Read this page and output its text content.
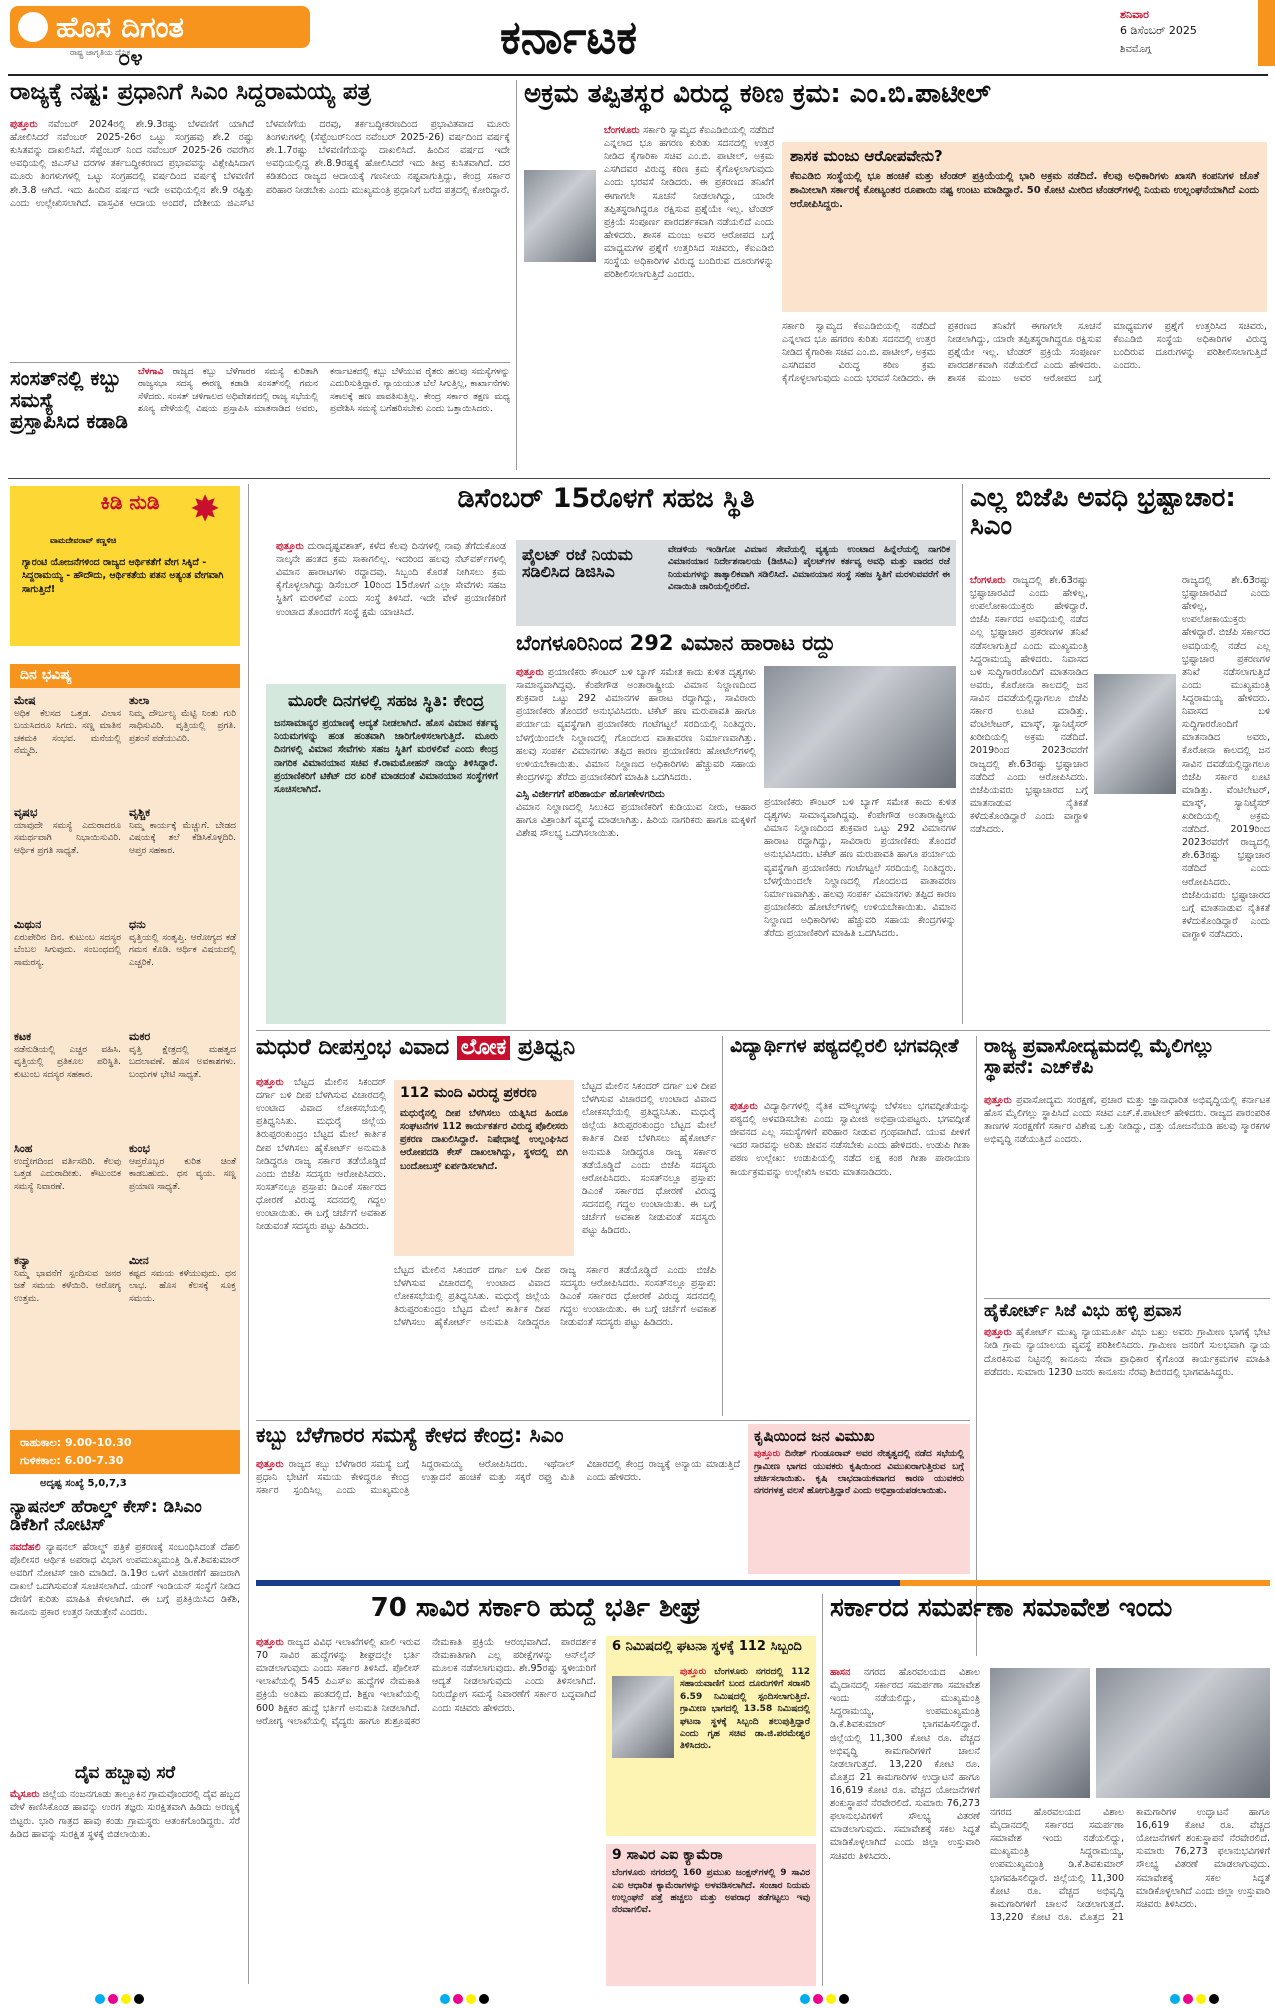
ಹೊಸ ದಿಗಂತ
ರಾಷ್ಟ್ರ ಜಾಗೃತಿಯ ದೈನಿಕ
೦೪	ಕರ್ನಾಟಕ	ಶನಿವಾರ
6 ಡಿಸೆಂಬರ್ 2025
ಶಿವಮೊಗ್ಗ
ರಾಜ್ಯಕ್ಕೆ ನಷ್ಟ: ಪ್ರಧಾನಿಗೆ ಸಿಎಂ ಸಿದ್ದರಾಮಯ್ಯ ಪತ್ರ
ಪುತ್ತೂರು ನವೆಂಬರ್ 2024ರಲ್ಲಿ ಶೇ.9.3ರಷ್ಟು ಬೆಳವಣಿಗೆ ಯಾಗಿದೆ ಹೋಲಿಸಿದರೆ ನವೆಂಬರ್ 2025-26ರ ಒಟ್ಟು ಸಂಗ್ರಹವು ಶೇ.2 ರಷ್ಟು ಕುಸಿತವನ್ನು ದಾಖಲಿಸಿದೆ. ಸೆಪ್ಟೆಂಬರ್ ನಿಂದ ನವೆಂಬರ್ 2025-26 ರವರೆಗಿನ ಅವಧಿಯಲ್ಲಿ ಜಿಎಸ್‌ಟಿ ದರಗಳ ತರ್ಕಬದ್ಧೀಕರಣದ ಪ್ರಭಾವವನ್ನು ವಿಶ್ಲೇಷಿಸಿದಾಗ ಮೂರು ತಿಂಗಳುಗಳಲ್ಲಿ ಒಟ್ಟು ಸಂಗ್ರಹದಲ್ಲಿ ವರ್ಷದಿಂದ ವರ್ಷಕ್ಕೆ ಬೆಳವಣಿಗೆ ಶೇ.3.8 ಆಗಿದೆ. ಇದು ಹಿಂದಿನ ವರ್ಷದ ಇದೇ ಅವಧಿಯಲ್ಲಿನ ಶೇ.9 ರಷ್ಟಿತ್ತು ಎಂದು ಉಲ್ಲೇಖಿಸಲಾಗಿದೆ. ವಾಸ್ತವಿಕ ಆದಾಯ ಅಂದರೆ, ದೇಶೀಯ ಜಿಎಸ್‌ಟಿ ಬೆಳವಣಿಗೆಯ ದರವು, ತರ್ಕಬದ್ಧೀಕರಣದಿಂದ ಪ್ರಭಾವಿತವಾದ ಮೂರು ತಿಂಗಳುಗಳಲ್ಲಿ (ಸೆಪ್ಟೆಂಬರ್‌ನಿಂದ ನವೆಂಬರ್ 2025-26) ವರ್ಷದಿಂದ ವರ್ಷಕ್ಕೆ ಶೇ.1.7ರಷ್ಟು ಬೆಳವಣಿಗೆಯನ್ನು ದಾಖಲಿಸಿದೆ. ಹಿಂದಿನ ವರ್ಷದ ಇದೇ ಅವಧಿಯಲ್ಲಿದ್ದ ಶೇ.8.9ರಷ್ಟಕ್ಕೆ ಹೋಲಿಸಿದರೆ ಇದು ತೀವ್ರ ಕುಸಿತವಾಗಿದೆ. ದರ ಕಡಿತದಿಂದ ರಾಜ್ಯದ ಆದಾಯಕ್ಕೆ ಗಣನೀಯ ನಷ್ಟವಾಗುತ್ತಿದ್ದು, ಕೇಂದ್ರ ಸರ್ಕಾರ ಪರಿಹಾರ ನೀಡಬೇಕು ಎಂದು ಮುಖ್ಯಮಂತ್ರಿ ಪ್ರಧಾನಿಗೆ ಬರೆದ ಪತ್ರದಲ್ಲಿ ಕೋರಿದ್ದಾರೆ.
ಅಕ್ರಮ ತಪ್ಪಿತಸ್ಥರ ವಿರುದ್ಧ ಕಠಿಣ ಕ್ರಮ: ಎಂ.ಬಿ.ಪಾಟೀಲ್
ಬೆಂಗಳೂರು ಸರ್ಕಾರಿ ಸ್ವಾಮ್ಯದ ಕೆಐಎಡಿಬಿಯಲ್ಲಿ ನಡೆದಿದೆ ಎನ್ನಲಾದ ಭೂ ಹಗರಣ ಕುರಿತು ಸದನದಲ್ಲಿ ಉತ್ತರ ನೀಡಿದ ಕೈಗಾರಿಕಾ ಸಚಿವ ಎಂ.ಬಿ. ಪಾಟೀಲ್, ಅಕ್ರಮ ಎಸಗಿದವರ ವಿರುದ್ಧ ಕಠಿಣ ಕ್ರಮ ಕೈಗೊಳ್ಳಲಾಗುವುದು ಎಂದು ಭರವಸೆ ನೀಡಿದರು. ಈ ಪ್ರಕರಣದ ತನಿಖೆಗೆ ಈಗಾಗಲೇ ಸೂಚನೆ ನೀಡಲಾಗಿದ್ದು, ಯಾರೇ ತಪ್ಪಿತಸ್ಥರಾಗಿದ್ದರೂ ರಕ್ಷಿಸುವ ಪ್ರಶ್ನೆಯೇ ಇಲ್ಲ. ಟೆಂಡರ್ ಪ್ರಕ್ರಿಯೆ ಸಂಪೂರ್ಣ ಪಾರದರ್ಶಕವಾಗಿ ನಡೆಯಲಿದೆ ಎಂದು ಹೇಳಿದರು. ಶಾಸಕ ಮಂಜು ಅವರ ಆರೋಪದ ಬಗ್ಗೆ ಮಾಧ್ಯಮಗಳ ಪ್ರಶ್ನೆಗೆ ಉತ್ತರಿಸಿದ ಸಚಿವರು, ಕೆಐಎಡಿಬಿ ಸಂಸ್ಥೆಯ ಅಧಿಕಾರಿಗಳ ವಿರುದ್ಧ ಬಂದಿರುವ ದೂರುಗಳನ್ನು ಪರಿಶೀಲಿಸಲಾಗುತ್ತಿದೆ ಎಂದರು.
ಶಾಸಕ ಮಂಜು ಆರೋಪವೇನು?
ಕೆಐಎಡಿಬಿ ಸಂಸ್ಥೆಯಲ್ಲಿ ಭೂ ಹಂಚಿಕೆ ಮತ್ತು ಟೆಂಡರ್ ಪ್ರಕ್ರಿಯೆಯಲ್ಲಿ ಭಾರಿ ಅಕ್ರಮ ನಡೆದಿದೆ. ಕೆಲವು ಅಧಿಕಾರಿಗಳು ಖಾಸಗಿ ಕಂಪನಿಗಳ ಜೊತೆ ಶಾಮೀಲಾಗಿ ಸರ್ಕಾರಕ್ಕೆ ಕೋಟ್ಯಂತರ ರೂಪಾಯಿ ನಷ್ಟ ಉಂಟು ಮಾಡಿದ್ದಾರೆ. 50 ಕೋಟಿ ಮೀರಿದ ಟೆಂಡರ್‌ಗಳಲ್ಲಿ ನಿಯಮ ಉಲ್ಲಂಘನೆಯಾಗಿದೆ ಎಂದು ಆರೋಪಿಸಿದ್ದರು.
ಸರ್ಕಾರಿ ಸ್ವಾಮ್ಯದ ಕೆಐಎಡಿಬಿಯಲ್ಲಿ ನಡೆದಿದೆ ಎನ್ನಲಾದ ಭೂ ಹಗರಣ ಕುರಿತು ಸದನದಲ್ಲಿ ಉತ್ತರ ನೀಡಿದ ಕೈಗಾರಿಕಾ ಸಚಿವ ಎಂ.ಬಿ. ಪಾಟೀಲ್, ಅಕ್ರಮ ಎಸಗಿದವರ ವಿರುದ್ಧ ಕಠಿಣ ಕ್ರಮ ಕೈಗೊಳ್ಳಲಾಗುವುದು ಎಂದು ಭರವಸೆ ನೀಡಿದರು. ಈ ಪ್ರಕರಣದ ತನಿಖೆಗೆ ಈಗಾಗಲೇ ಸೂಚನೆ ನೀಡಲಾಗಿದ್ದು, ಯಾರೇ ತಪ್ಪಿತಸ್ಥರಾಗಿದ್ದರೂ ರಕ್ಷಿಸುವ ಪ್ರಶ್ನೆಯೇ ಇಲ್ಲ. ಟೆಂಡರ್ ಪ್ರಕ್ರಿಯೆ ಸಂಪೂರ್ಣ ಪಾರದರ್ಶಕವಾಗಿ ನಡೆಯಲಿದೆ ಎಂದು ಹೇಳಿದರು. ಶಾಸಕ ಮಂಜು ಅವರ ಆರೋಪದ ಬಗ್ಗೆ ಮಾಧ್ಯಮಗಳ ಪ್ರಶ್ನೆಗೆ ಉತ್ತರಿಸಿದ ಸಚಿವರು, ಕೆಐಎಡಿಬಿ ಸಂಸ್ಥೆಯ ಅಧಿಕಾರಿಗಳ ವಿರುದ್ಧ ಬಂದಿರುವ ದೂರುಗಳನ್ನು ಪರಿಶೀಲಿಸಲಾಗುತ್ತಿದೆ ಎಂದರು.
ಸಂಸತ್‌ನಲ್ಲಿ ಕಬ್ಬು ಸಮಸ್ಯೆ ಪ್ರಸ್ತಾಪಿಸಿದ ಕಡಾಡಿ
ಬೆಳಗಾವಿ ರಾಜ್ಯದ ಕಬ್ಬು ಬೆಳೆಗಾರರ ಸಮಸ್ಯೆ ಕುರಿತಾಗಿ ರಾಜ್ಯಸಭಾ ಸದಸ್ಯ ಈರಣ್ಣ ಕಡಾಡಿ ಸಂಸತ್‌ನಲ್ಲಿ ಗಮನ ಸೆಳೆದರು. ಸಂಸತ್ ಚಳಿಗಾಲದ ಅಧಿವೇಶನದಲ್ಲಿ ರಾಜ್ಯ ಸಭೆಯಲ್ಲಿ ಶೂನ್ಯ ವೇಳೆಯಲ್ಲಿ ವಿಷಯ ಪ್ರಸ್ತಾಪಿಸಿ ಮಾತನಾಡಿದ ಅವರು, ಕರ್ನಾಟಕದಲ್ಲಿ ಕಬ್ಬು ಬೆಳೆಯುವ ರೈತರು ಹಲವು ಸಮಸ್ಯೆಗಳನ್ನು ಎದುರಿಸುತ್ತಿದ್ದಾರೆ. ನ್ಯಾಯಯುತ ಬೆಲೆ ಸಿಗುತ್ತಿಲ್ಲ, ಕಾರ್ಖಾನೆಗಳು ಸಕಾಲಕ್ಕೆ ಹಣ ಪಾವತಿಸುತ್ತಿಲ್ಲ. ಕೇಂದ್ರ ಸರ್ಕಾರ ತಕ್ಷಣ ಮಧ್ಯ ಪ್ರವೇಶಿಸಿ ಸಮಸ್ಯೆ ಬಗೆಹರಿಸಬೇಕು ಎಂದು ಒತ್ತಾಯಿಸಿದರು.
ಕಿಡಿ ನುಡಿ ✸
ವಾಮದೇವರಾವ್ ಕಣ್ಣಳಿಚಿ
ಗ್ಯಾರಂಟಿ ಯೋಜನೆಗಳಿಂದ ರಾಜ್ಯದ ಆರ್ಥಿಕತೆಗೆ ವೇಗ ಸಿಕ್ಕಿದೆ - ಸಿದ್ದರಾಮಯ್ಯ - ಹೌದೌದು, ಆರ್ಥಿಕತೆಯ ಪತನ ಅತ್ಯಂತ ವೇಗವಾಗಿ ಸಾಗುತ್ತಿದೆ!
ದಿನ ಭವಿಷ್ಯ
ಮೇಷ
ಅಧಿಕ ಕೆಲಸದ ಒತ್ತಡ. ವಿಲಾಸ ಬಯಸಿದರೂ ಸಿಗದು. ಸಣ್ಣ ಮಾತಿನ ಚಕಮಕಿ ಸಂಭವ. ಮನೆಯಲ್ಲಿ ನೆಮ್ಮದಿ.
ತುಲಾ
ನಿಮ್ಮ ದೌರ್ಬಲ್ಯ ಮೆಟ್ಟಿ ನಿಂತು ಗುರಿ ಸಾಧಿಸುವಿರಿ. ವೃತ್ತಿಯಲ್ಲಿ ಪ್ರಗತಿ. ಪ್ರಶಂಸೆ ಪಡೆಯುವಿರಿ.
ವೃಷಭ
ಯಾವುದೇ ಸಮಸ್ಯೆ ಎದುರಾದರೂ ಸಮರ್ಥವಾಗಿ ನಿಭಾಯಿಸುವಿರಿ. ಆರ್ಥಿಕ ಪ್ರಗತಿ ಸಾಧ್ಯತೆ.
ವೃಶ್ಚಿಕ
ನಿಮ್ಮ ಕಾರ್ಯಕ್ಕೆ ಮೆಚ್ಚುಗೆ. ಬೇಡದ ವಿಷಯಕ್ಕೆ ತಲೆ ಕೆಡಿಸಿಕೊಳ್ಳದಿರಿ. ಆಪ್ತರ ಸಹಕಾರ.
ಮಿಥುನ
ಏರುಪೇರಿನ ದಿನ. ಕುಟುಂಬ ಸದಸ್ಯರ ಬೆಂಬಲ ಸಿಗುವುದು. ಸಂಬಂಧದಲ್ಲಿ ಸಾಮರಸ್ಯ.
ಧನು
ವೃತ್ತಿಯಲ್ಲಿ ಸಂತೃಪ್ತಿ. ಆರೋಗ್ಯದ ಕಡೆ ಗಮನ ಕೊಡಿ. ಆರ್ಥಿಕ ವಿಷಯದಲ್ಲಿ ಎಚ್ಚರಿಕೆ.
ಕಟಕ
ನಡೆನುಡಿಯಲ್ಲಿ ಎಚ್ಚರ ವಹಿಸಿ. ವೃತ್ತಿಯಲ್ಲಿ ಪ್ರತಿಕೂಲ ಪರಿಸ್ಥಿತಿ. ಕುಟುಂಬ ಸದಸ್ಯರ ಸಹಕಾರ.
ಮಕರ
ವೃತ್ತಿ ಕ್ಷೇತ್ರದಲ್ಲಿ ಮಹತ್ವದ ಬದಲಾವಣೆ. ಹೊಸ ಅವಕಾಶಗಳು. ಬಂಧುಗಳ ಭೇಟಿ ಸಾಧ್ಯತೆ.
ಸಿಂಹ
ಉದ್ವೇಗದಿಂದ ವರ್ತಿಸದಿರಿ. ಕೆಲವು ಒತ್ತಡ ಎದುರಾದೀತು. ಕೌಟುಂಬಿಕ ಸಮಸ್ಯೆ ನಿವಾರಣೆ.
ಕುಂಭ
ಆಪ್ತರೊಬ್ಬರ ಕುರಿತ ಚಿಂತೆ ಕಾಡಬಹುದು. ಧನ ವ್ಯಯ. ಸಣ್ಣ ಪ್ರಯಾಣ ಸಾಧ್ಯತೆ.
ಕನ್ಯಾ
ನಿಮ್ಮ ಭಾವನೆಗೆ ಸ್ಪಂದಿಸುವ ಜನರ ಜತೆ ಸಮಯ ಕಳೆಯಿರಿ. ಆರೋಗ್ಯ ಉತ್ತಮ.
ಮೀನ
ಕಷ್ಟದ ಸಮಯ ಕಳೆಯುವುದು. ಧನ ಲಾಭ. ಹೊಸ ಕೆಲಸಕ್ಕೆ ಸೂಕ್ತ ಸಮಯ.
ರಾಹುಕಾಲ: 9.00-10.30
ಗುಳಿಕಕಾಲ: 6.00-7.30
ಅದೃಷ್ಟ ಸಂಖ್ಯೆ 5,0,7,3
ನ್ಯಾಷನಲ್ ಹೆರಾಲ್ಡ್ ಕೇಸ್: ಡಿಸಿಎಂ ಡಿಕೆಶಿಗೆ ನೋಟಿಸ್
ನವದೆಹಲಿ ನ್ಯಾಷನಲ್ ಹೆರಾಲ್ಡ್ ಪತ್ರಿಕೆ ಪ್ರಕರಣಕ್ಕೆ ಸಂಬಂಧಿಸಿದಂತೆ ದೆಹಲಿ ಪೊಲೀಸರ ಆರ್ಥಿಕ ಅಪರಾಧ ವಿಭಾಗ ಉಪಮುಖ್ಯಮಂತ್ರಿ ಡಿ.ಕೆ.ಶಿವಕುಮಾರ್ ಅವರಿಗೆ ನೋಟಿಸ್ ಜಾರಿ ಮಾಡಿದೆ. ಡಿ.19ರ ಒಳಗೆ ವಿಚಾರಣೆಗೆ ಹಾಜರಾಗಿ ದಾಖಲೆ ಒದಗಿಸುವಂತೆ ಸೂಚಿಸಲಾಗಿದೆ. ಯಂಗ್ ಇಂಡಿಯನ್ ಸಂಸ್ಥೆಗೆ ನೀಡಿದ ದೇಣಿಗೆ ಕುರಿತು ಮಾಹಿತಿ ಕೇಳಲಾಗಿದೆ. ಈ ಬಗ್ಗೆ ಪ್ರತಿಕ್ರಿಯಿಸಿದ ಡಿಕೆಶಿ, ಕಾನೂನು ಪ್ರಕಾರ ಉತ್ತರ ನೀಡುತ್ತೇನೆ ಎಂದರು.
ದೈವ ಹಬ್ಬಾವು ಸರೆ
ಮೈಸೂರು ಜಿಲ್ಲೆಯ ನಂಜನಗೂಡು ತಾಲ್ಲೂಕಿನ ಗ್ರಾಮವೊಂದರಲ್ಲಿ ದೈವ ಹಬ್ಬದ ವೇಳೆ ಕಾಣಿಸಿಕೊಂಡ ಹಾವನ್ನು ಉರಗ ತಜ್ಞರು ಸುರಕ್ಷಿತವಾಗಿ ಹಿಡಿದು ಅರಣ್ಯಕ್ಕೆ ಬಿಟ್ಟರು. ಭಾರಿ ಗಾತ್ರದ ಹಾವು ಕಂಡು ಗ್ರಾಮಸ್ಥರು ಆತಂಕಗೊಂಡಿದ್ದರು. ಸೆರೆ ಹಿಡಿದ ಹಾವನ್ನು ಸುರಕ್ಷಿತ ಸ್ಥಳಕ್ಕೆ ಬಿಡಲಾಯಿತು.
ಡಿಸೆಂಬರ್ 15ರೊಳಗೆ ಸಹಜ ಸ್ಥಿತಿ
ಪುತ್ತೂರು ದುರಾದೃಷ್ಟವಶಾತ್, ಕಳೆದ ಕೆಲವು ದಿನಗಳಲ್ಲಿ ನಾವು ತೆಗೆದುಕೊಂಡ ನಾಲ್ಕನೇ ಹಂತದ ಕ್ರಮ ಸಾಕಾಗಲಿಲ್ಲ. ಇದರಿಂದ ಹಲವು ನೆಟ್‌ವರ್ಕ್‌ಗಳಲ್ಲಿ ವಿಮಾನ ಹಾರಾಟಗಳು ರದ್ದಾದವು. ಸಿಬ್ಬಂದಿ ಕೊರತೆ ನೀಗಿಸಲು ಕ್ರಮ ಕೈಗೊಳ್ಳಲಾಗಿದ್ದು ಡಿಸೆಂಬರ್ 10ರಿಂದ 15ರೊಳಗೆ ಎಲ್ಲಾ ಸೇವೆಗಳು ಸಹಜ ಸ್ಥಿತಿಗೆ ಮರಳಲಿವೆ ಎಂದು ಸಂಸ್ಥೆ ತಿಳಿಸಿದೆ. ಇದೇ ವೇಳೆ ಪ್ರಯಾಣಿಕರಿಗೆ ಉಂಟಾದ ತೊಂದರೆಗೆ ಸಂಸ್ಥೆ ಕ್ಷಮೆ ಯಾಚಿಸಿದೆ.
ಪೈಲಟ್ ರಜೆ ನಿಯಮ ಸಡಿಲಿಸಿದ ಡಿಜಿಸಿಎ
ವೇಡಳಿಯ ಇಂಡಿಗೋ ವಿಮಾನ ಸೇವೆಯಲ್ಲಿ ವ್ಯತ್ಯಯ ಉಂಟಾದ ಹಿನ್ನೆಲೆಯಲ್ಲಿ ನಾಗರಿಕ ವಿಮಾನಯಾನ ನಿರ್ದೇಶನಾಲಯ (ಡಿಜಿಸಿಎ) ಪೈಲಟ್‌ಗಳ ಕರ್ತವ್ಯ ಅವಧಿ ಮತ್ತು ವಾರದ ರಜೆ ನಿಯಮಗಳನ್ನು ತಾತ್ಕಾಲಿಕವಾಗಿ ಸಡಿಲಿಸಿದೆ. ವಿಮಾನಯಾನ ಸಂಸ್ಥೆ ಸಹಜ ಸ್ಥಿತಿಗೆ ಮರಳುವವರೆಗೆ ಈ ವಿನಾಯಿತಿ ಜಾರಿಯಲ್ಲಿರಲಿದೆ.
ಬೆಂಗಳೂರಿನಿಂದ 292 ವಿಮಾನ ಹಾರಾಟ ರದ್ದು
ಮೂರೇ ದಿನಗಳಲ್ಲಿ ಸಹಜ ಸ್ಥಿತಿ: ಕೇಂದ್ರ
ಜನಸಾಮಾನ್ಯರ ಪ್ರಯಾಣಕ್ಕೆ ಆದ್ಯತೆ ನೀಡಲಾಗಿದೆ. ಹೊಸ ವಿಮಾನ ಕರ್ತವ್ಯ ನಿಯಮಗಳನ್ನು ಹಂತ ಹಂತವಾಗಿ ಜಾರಿಗೊಳಿಸಲಾಗುತ್ತಿದೆ. ಮೂರು ದಿನಗಳಲ್ಲಿ ವಿಮಾನ ಸೇವೆಗಳು ಸಹಜ ಸ್ಥಿತಿಗೆ ಮರಳಲಿವೆ ಎಂದು ಕೇಂದ್ರ ನಾಗರಿಕ ವಿಮಾನಯಾನ ಸಚಿವ ಕೆ.ರಾಮಮೋಹನ್ ನಾಯ್ಡು ತಿಳಿಸಿದ್ದಾರೆ. ಪ್ರಯಾಣಿಕರಿಗೆ ಟಿಕೆಟ್ ದರ ಏರಿಕೆ ಮಾಡದಂತೆ ವಿಮಾನಯಾನ ಸಂಸ್ಥೆಗಳಿಗೆ ಸೂಚಿಸಲಾಗಿದೆ.
ಪುತ್ತೂರು ಪ್ರಯಾಣಿಕರು ಕೌಂಟರ್ ಬಳಿ ಬ್ಯಾಗ್ ಸಮೇತ ಕಾದು ಕುಳಿತ ದೃಶ್ಯಗಳು ಸಾಮಾನ್ಯವಾಗಿದ್ದವು. ಕೆಂಪೇಗೌಡ ಅಂತಾರಾಷ್ಟ್ರೀಯ ವಿಮಾನ ನಿಲ್ದಾಣದಿಂದ ಶುಕ್ರವಾರ ಒಟ್ಟು 292 ವಿಮಾನಗಳ ಹಾರಾಟ ರದ್ದಾಗಿದ್ದು, ಸಾವಿರಾರು ಪ್ರಯಾಣಿಕರು ತೊಂದರೆ ಅನುಭವಿಸಿದರು. ಟಿಕೆಟ್ ಹಣ ಮರುಪಾವತಿ ಹಾಗೂ ಪರ್ಯಾಯ ವ್ಯವಸ್ಥೆಗಾಗಿ ಪ್ರಯಾಣಿಕರು ಗಂಟೆಗಟ್ಟಲೆ ಸರದಿಯಲ್ಲಿ ನಿಂತಿದ್ದರು. ಬೆಳಗ್ಗೆಯಿಂದಲೇ ನಿಲ್ದಾಣದಲ್ಲಿ ಗೊಂದಲದ ವಾತಾವರಣ ನಿರ್ಮಾಣವಾಗಿತ್ತು. ಹಲವು ಸಂಪರ್ಕ ವಿಮಾನಗಳು ತಪ್ಪಿದ ಕಾರಣ ಪ್ರಯಾಣಿಕರು ಹೋಟೆಲ್‌ಗಳಲ್ಲಿ ಉಳಿಯಬೇಕಾಯಿತು. ವಿಮಾನ ನಿಲ್ದಾಣದ ಅಧಿಕಾರಿಗಳು ಹೆಚ್ಚುವರಿ ಸಹಾಯ ಕೇಂದ್ರಗಳನ್ನು ತೆರೆದು ಪ್ರಯಾಣಿಕರಿಗೆ ಮಾಹಿತಿ ಒದಗಿಸಿದರು.
ಎಸ್ಸಿ ವಿರ್ಜೀಗಗೆ ಪರಿಹಾರ್ಯ ಹೊಗಣೇಳಗರಿದು
ವಿಮಾನ ನಿಲ್ದಾಣದಲ್ಲಿ ಸಿಲುಕಿದ ಪ್ರಯಾಣಿಕರಿಗೆ ಕುಡಿಯುವ ನೀರು, ಆಹಾರ ಹಾಗೂ ವಿಶ್ರಾಂತಿಗೆ ವ್ಯವಸ್ಥೆ ಮಾಡಲಾಗಿತ್ತು. ಹಿರಿಯ ನಾಗರಿಕರು ಹಾಗೂ ಮಕ್ಕಳಿಗೆ ವಿಶೇಷ ಸೌಲಭ್ಯ ಒದಗಿಸಲಾಯಿತು.
ಪ್ರಯಾಣಿಕರು ಕೌಂಟರ್ ಬಳಿ ಬ್ಯಾಗ್ ಸಮೇತ ಕಾದು ಕುಳಿತ ದೃಶ್ಯಗಳು ಸಾಮಾನ್ಯವಾಗಿದ್ದವು. ಕೆಂಪೇಗೌಡ ಅಂತಾರಾಷ್ಟ್ರೀಯ ವಿಮಾನ ನಿಲ್ದಾಣದಿಂದ ಶುಕ್ರವಾರ ಒಟ್ಟು 292 ವಿಮಾನಗಳ ಹಾರಾಟ ರದ್ದಾಗಿದ್ದು, ಸಾವಿರಾರು ಪ್ರಯಾಣಿಕರು ತೊಂದರೆ ಅನುಭವಿಸಿದರು. ಟಿಕೆಟ್ ಹಣ ಮರುಪಾವತಿ ಹಾಗೂ ಪರ್ಯಾಯ ವ್ಯವಸ್ಥೆಗಾಗಿ ಪ್ರಯಾಣಿಕರು ಗಂಟೆಗಟ್ಟಲೆ ಸರದಿಯಲ್ಲಿ ನಿಂತಿದ್ದರು. ಬೆಳಗ್ಗೆಯಿಂದಲೇ ನಿಲ್ದಾಣದಲ್ಲಿ ಗೊಂದಲದ ವಾತಾವರಣ ನಿರ್ಮಾಣವಾಗಿತ್ತು. ಹಲವು ಸಂಪರ್ಕ ವಿಮಾನಗಳು ತಪ್ಪಿದ ಕಾರಣ ಪ್ರಯಾಣಿಕರು ಹೋಟೆಲ್‌ಗಳಲ್ಲಿ ಉಳಿಯಬೇಕಾಯಿತು. ವಿಮಾನ ನಿಲ್ದಾಣದ ಅಧಿಕಾರಿಗಳು ಹೆಚ್ಚುವರಿ ಸಹಾಯ ಕೇಂದ್ರಗಳನ್ನು ತೆರೆದು ಪ್ರಯಾಣಿಕರಿಗೆ ಮಾಹಿತಿ ಒದಗಿಸಿದರು.
ಎಲ್ಲ ಬಿಜೆಪಿ ಅವಧಿ ಭ್ರಷ್ಟಾಚಾರ: ಸಿಎಂ
ಬೆಂಗಳೂರು ರಾಜ್ಯದಲ್ಲಿ ಶೇ.63ರಷ್ಟು ಭ್ರಷ್ಟಾಚಾರವಿದೆ ಎಂದು ಹೇಳಿಲ್ಲ, ಉಪಲೋಕಾಯುಕ್ತರು ಹೇಳಿದ್ದಾರೆ. ಬಿಜೆಪಿ ಸರ್ಕಾರದ ಅವಧಿಯಲ್ಲಿ ನಡೆದ ಎಲ್ಲ ಭ್ರಷ್ಟಾಚಾರ ಪ್ರಕರಣಗಳ ತನಿಖೆ ನಡೆಸಲಾಗುತ್ತಿದೆ ಎಂದು ಮುಖ್ಯಮಂತ್ರಿ ಸಿದ್ದರಾಮಯ್ಯ ಹೇಳಿದರು. ನಿವಾಸದ ಬಳಿ ಸುದ್ದಿಗಾರರೊಂದಿಗೆ ಮಾತನಾಡಿದ ಅವರು, ಕೊರೋನಾ ಕಾಲದಲ್ಲಿ ಜನ ಸಾವಿನ ದವಡೆಯಲ್ಲಿದ್ದಾಗಲೂ ಬಿಜೆಪಿ ಸರ್ಕಾರ ಲೂಟಿ ಮಾಡಿತ್ತು. ವೆಂಟಿಲೇಟರ್, ಮಾಸ್ಕ್, ಸ್ಯಾನಿಟೈಸರ್ ಖರೀದಿಯಲ್ಲಿ ಅಕ್ರಮ ನಡೆದಿದೆ. 2019ರಿಂದ 2023ರವರೆಗೆ ರಾಜ್ಯದಲ್ಲಿ ಶೇ.63ರಷ್ಟು ಭ್ರಷ್ಟಾಚಾರ ನಡೆದಿದೆ ಎಂದು ಆರೋಪಿಸಿದರು. ಬಿಜೆಪಿಯವರು ಭ್ರಷ್ಟಾಚಾರದ ಬಗ್ಗೆ ಮಾತನಾಡುವ ನೈತಿಕತೆ ಕಳೆದುಕೊಂಡಿದ್ದಾರೆ ಎಂದು ವಾಗ್ದಾಳಿ ನಡೆಸಿದರು.
ರಾಜ್ಯದಲ್ಲಿ ಶೇ.63ರಷ್ಟು ಭ್ರಷ್ಟಾಚಾರವಿದೆ ಎಂದು ಹೇಳಿಲ್ಲ, ಉಪಲೋಕಾಯುಕ್ತರು ಹೇಳಿದ್ದಾರೆ. ಬಿಜೆಪಿ ಸರ್ಕಾರದ ಅವಧಿಯಲ್ಲಿ ನಡೆದ ಎಲ್ಲ ಭ್ರಷ್ಟಾಚಾರ ಪ್ರಕರಣಗಳ ತನಿಖೆ ನಡೆಸಲಾಗುತ್ತಿದೆ ಎಂದು ಮುಖ್ಯಮಂತ್ರಿ ಸಿದ್ದರಾಮಯ್ಯ ಹೇಳಿದರು. ನಿವಾಸದ ಬಳಿ ಸುದ್ದಿಗಾರರೊಂದಿಗೆ ಮಾತನಾಡಿದ ಅವರು, ಕೊರೋನಾ ಕಾಲದಲ್ಲಿ ಜನ ಸಾವಿನ ದವಡೆಯಲ್ಲಿದ್ದಾಗಲೂ ಬಿಜೆಪಿ ಸರ್ಕಾರ ಲೂಟಿ ಮಾಡಿತ್ತು. ವೆಂಟಿಲೇಟರ್, ಮಾಸ್ಕ್, ಸ್ಯಾನಿಟೈಸರ್ ಖರೀದಿಯಲ್ಲಿ ಅಕ್ರಮ ನಡೆದಿದೆ. 2019ರಿಂದ 2023ರವರೆಗೆ ರಾಜ್ಯದಲ್ಲಿ ಶೇ.63ರಷ್ಟು ಭ್ರಷ್ಟಾಚಾರ ನಡೆದಿದೆ ಎಂದು ಆರೋಪಿಸಿದರು. ಬಿಜೆಪಿಯವರು ಭ್ರಷ್ಟಾಚಾರದ ಬಗ್ಗೆ ಮಾತನಾಡುವ ನೈತಿಕತೆ ಕಳೆದುಕೊಂಡಿದ್ದಾರೆ ಎಂದು ವಾಗ್ದಾಳಿ ನಡೆಸಿದರು.
ಮಧುರೆ ದೀಪಸ್ತಂಭ ವಿವಾದ ಲೋಕ ಪ್ರತಿಧ್ವನಿ
ಪುತ್ತೂರು ಬೆಟ್ಟದ ಮೇಲಿನ ಸಿಕಂದರ್ ದರ್ಗಾ ಬಳಿ ದೀಪ ಬೆಳಗಿಸುವ ವಿಚಾರದಲ್ಲಿ ಉಂಟಾದ ವಿವಾದ ಲೋಕಸಭೆಯಲ್ಲಿ ಪ್ರತಿಧ್ವನಿಸಿತು. ಮಧುರೈ ಜಿಲ್ಲೆಯ ತಿರುಪ್ಪರಂಕುಂದ್ರಂ ಬೆಟ್ಟದ ಮೇಲೆ ಕಾರ್ತಿಕ ದೀಪ ಬೆಳಗಿಸಲು ಹೈಕೋರ್ಟ್ ಅನುಮತಿ ನೀಡಿದ್ದರೂ ರಾಜ್ಯ ಸರ್ಕಾರ ತಡೆಯೊಡ್ಡಿದೆ ಎಂದು ಬಿಜೆಪಿ ಸದಸ್ಯರು ಆರೋಪಿಸಿದರು. ಸಂಸತ್‌ನಲ್ಲೂ ಪ್ರಸ್ತಾಪ: ಡಿಎಂಕೆ ಸರ್ಕಾರದ ಧೋರಣೆ ವಿರುದ್ಧ ಸದನದಲ್ಲಿ ಗದ್ದಲ ಉಂಟಾಯಿತು. ಈ ಬಗ್ಗೆ ಚರ್ಚೆಗೆ ಅವಕಾಶ ನೀಡುವಂತೆ ಸದಸ್ಯರು ಪಟ್ಟು ಹಿಡಿದರು.
112 ಮಂದಿ ವಿರುದ್ಧ ಪ್ರಕರಣ
ಮಧುರೈನಲ್ಲಿ ದೀಪ ಬೆಳಗಿಸಲು ಯತ್ನಿಸಿದ ಹಿಂದೂ ಸಂಘಟನೆಗಳ 112 ಕಾರ್ಯಕರ್ತರ ವಿರುದ್ಧ ಪೊಲೀಸರು ಪ್ರಕರಣ ದಾಖಲಿಸಿದ್ದಾರೆ. ನಿಷೇಧಾಜ್ಞೆ ಉಲ್ಲಂಘಿಸಿದ ಆರೋಪದಡಿ ಕೇಸ್ ದಾಖಲಾಗಿದ್ದು, ಸ್ಥಳದಲ್ಲಿ ಬಿಗಿ ಬಂದೋಬಸ್ತ್ ಏರ್ಪಡಿಸಲಾಗಿದೆ.
ಬೆಟ್ಟದ ಮೇಲಿನ ಸಿಕಂದರ್ ದರ್ಗಾ ಬಳಿ ದೀಪ ಬೆಳಗಿಸುವ ವಿಚಾರದಲ್ಲಿ ಉಂಟಾದ ವಿವಾದ ಲೋಕಸಭೆಯಲ್ಲಿ ಪ್ರತಿಧ್ವನಿಸಿತು. ಮಧುರೈ ಜಿಲ್ಲೆಯ ತಿರುಪ್ಪರಂಕುಂದ್ರಂ ಬೆಟ್ಟದ ಮೇಲೆ ಕಾರ್ತಿಕ ದೀಪ ಬೆಳಗಿಸಲು ಹೈಕೋರ್ಟ್ ಅನುಮತಿ ನೀಡಿದ್ದರೂ ರಾಜ್ಯ ಸರ್ಕಾರ ತಡೆಯೊಡ್ಡಿದೆ ಎಂದು ಬಿಜೆಪಿ ಸದಸ್ಯರು ಆರೋಪಿಸಿದರು. ಸಂಸತ್‌ನಲ್ಲೂ ಪ್ರಸ್ತಾಪ: ಡಿಎಂಕೆ ಸರ್ಕಾರದ ಧೋರಣೆ ವಿರುದ್ಧ ಸದನದಲ್ಲಿ ಗದ್ದಲ ಉಂಟಾಯಿತು. ಈ ಬಗ್ಗೆ ಚರ್ಚೆಗೆ ಅವಕಾಶ ನೀಡುವಂತೆ ಸದಸ್ಯರು ಪಟ್ಟು ಹಿಡಿದರು.
ಬೆಟ್ಟದ ಮೇಲಿನ ಸಿಕಂದರ್ ದರ್ಗಾ ಬಳಿ ದೀಪ ಬೆಳಗಿಸುವ ವಿಚಾರದಲ್ಲಿ ಉಂಟಾದ ವಿವಾದ ಲೋಕಸಭೆಯಲ್ಲಿ ಪ್ರತಿಧ್ವನಿಸಿತು. ಮಧುರೈ ಜಿಲ್ಲೆಯ ತಿರುಪ್ಪರಂಕುಂದ್ರಂ ಬೆಟ್ಟದ ಮೇಲೆ ಕಾರ್ತಿಕ ದೀಪ ಬೆಳಗಿಸಲು ಹೈಕೋರ್ಟ್ ಅನುಮತಿ ನೀಡಿದ್ದರೂ ರಾಜ್ಯ ಸರ್ಕಾರ ತಡೆಯೊಡ್ಡಿದೆ ಎಂದು ಬಿಜೆಪಿ ಸದಸ್ಯರು ಆರೋಪಿಸಿದರು. ಸಂಸತ್‌ನಲ್ಲೂ ಪ್ರಸ್ತಾಪ: ಡಿಎಂಕೆ ಸರ್ಕಾರದ ಧೋರಣೆ ವಿರುದ್ಧ ಸದನದಲ್ಲಿ ಗದ್ದಲ ಉಂಟಾಯಿತು. ಈ ಬಗ್ಗೆ ಚರ್ಚೆಗೆ ಅವಕಾಶ ನೀಡುವಂತೆ ಸದಸ್ಯರು ಪಟ್ಟು ಹಿಡಿದರು.
ವಿದ್ಯಾರ್ಥಿಗಳ ಪಠ್ಯದಲ್ಲಿರಲಿ ಭಗವದ್ಗೀತೆ
ಪುತ್ತೂರು ವಿದ್ಯಾರ್ಥಿಗಳಲ್ಲಿ ನೈತಿಕ ಮೌಲ್ಯಗಳನ್ನು ಬೆಳೆಸಲು ಭಗವದ್ಗೀತೆಯನ್ನು ಪಠ್ಯದಲ್ಲಿ ಅಳವಡಿಸಬೇಕು ಎಂದು ಸ್ವಾಮೀಜಿ ಅಭಿಪ್ರಾಯಪಟ್ಟರು. ಭಗವದ್ಗೀತೆ ಜೀವನದ ಎಲ್ಲ ಸಮಸ್ಯೆಗಳಿಗೆ ಪರಿಹಾರ ನೀಡುವ ಗ್ರಂಥವಾಗಿದೆ. ಯುವ ಪೀಳಿಗೆ ಇದರ ಸಾರವನ್ನು ಅರಿತು ಜೀವನ ನಡೆಸಬೇಕು ಎಂದು ಹೇಳಿದರು. ಉಡುಪಿ ಗೀತಾ ಪಠಣ ಉಲ್ಲೇಖ: ಉಡುಪಿಯಲ್ಲಿ ನಡೆದ ಲಕ್ಷ ಕಂಠ ಗೀತಾ ಪಾರಾಯಣ ಕಾರ್ಯಕ್ರಮವನ್ನು ಉಲ್ಲೇಖಿಸಿ ಅವರು ಮಾತನಾಡಿದರು.
ರಾಜ್ಯ ಪ್ರವಾಸೋದ್ಯಮದಲ್ಲಿ ಮೈಲಿಗಲ್ಲು ಸ್ಥಾಪನೆ: ಎಚ್‌ಕೆಪಿ
ಪುತ್ತೂರು ಪ್ರವಾಸೋದ್ಯಮ ಸಂರಕ್ಷಣೆ, ಪ್ರಚಾರ ಮತ್ತು ಜ್ಞಾನಾಧಾರಿತ ಅಭಿವೃದ್ಧಿಯಲ್ಲಿ ಕರ್ನಾಟಕ ಹೊಸ ಮೈಲಿಗಲ್ಲು ಸ್ಥಾಪಿಸಿದೆ ಎಂದು ಸಚಿವ ಎಚ್.ಕೆ.ಪಾಟೀಲ್ ಹೇಳಿದರು. ರಾಜ್ಯದ ಪಾರಂಪರಿಕ ತಾಣಗಳ ಸಂರಕ್ಷಣೆಗೆ ಸರ್ಕಾರ ವಿಶೇಷ ಒತ್ತು ನೀಡಿದ್ದು, ದತ್ತು ಯೋಜನೆಯಡಿ ಹಲವು ಸ್ಮಾರಕಗಳ ಅಭಿವೃದ್ಧಿ ನಡೆಯುತ್ತಿದೆ ಎಂದರು.
ಹೈಕೋರ್ಟ್ ಸಿಜೆ ವಿಭು ಹಳ್ಳಿ ಪ್ರವಾಸ
ಪುತ್ತೂರು ಹೈಕೋರ್ಟ್ ಮುಖ್ಯ ನ್ಯಾಯಮೂರ್ತಿ ವಿಭು ಬಖ್ರು ಅವರು ಗ್ರಾಮೀಣ ಭಾಗಕ್ಕೆ ಭೇಟಿ ನೀಡಿ ಗ್ರಾಮ ನ್ಯಾಯಾಲಯ ವ್ಯವಸ್ಥೆ ಪರಿಶೀಲಿಸಿದರು. ಗ್ರಾಮೀಣ ಜನರಿಗೆ ಸುಲಭವಾಗಿ ನ್ಯಾಯ ದೊರಕಿಸುವ ನಿಟ್ಟಿನಲ್ಲಿ ಕಾನೂನು ಸೇವಾ ಪ್ರಾಧಿಕಾರ ಕೈಗೊಂಡ ಕಾರ್ಯಕ್ರಮಗಳ ಮಾಹಿತಿ ಪಡೆದರು. ಸುಮಾರು 1230 ಜನರು ಕಾನೂನು ನೆರವು ಶಿಬಿರದಲ್ಲಿ ಭಾಗವಹಿಸಿದ್ದರು.
ಕಬ್ಬು ಬೆಳೆಗಾರರ ಸಮಸ್ಯೆ ಕೇಳದ ಕೇಂದ್ರ: ಸಿಎಂ
ಪುತ್ತೂರು ರಾಜ್ಯದ ಕಬ್ಬು ಬೆಳೆಗಾರರ ಸಮಸ್ಯೆ ಬಗ್ಗೆ ಪ್ರಧಾನಿ ಭೇಟಿಗೆ ಸಮಯ ಕೇಳಿದ್ದರೂ ಕೇಂದ್ರ ಸರ್ಕಾರ ಸ್ಪಂದಿಸಿಲ್ಲ ಎಂದು ಮುಖ್ಯಮಂತ್ರಿ ಸಿದ್ದರಾಮಯ್ಯ ಆರೋಪಿಸಿದರು. ಇಥೆನಾಲ್ ಉತ್ಪಾದನೆ ಹಂಚಿಕೆ ಮತ್ತು ಸಕ್ಕರೆ ರಫ್ತು ಮಿತಿ ವಿಚಾರದಲ್ಲಿ ಕೇಂದ್ರ ರಾಜ್ಯಕ್ಕೆ ಅನ್ಯಾಯ ಮಾಡುತ್ತಿದೆ ಎಂದು ಹೇಳಿದರು.
ಕೃಷಿಯಿಂದ ಜನ ವಿಮುಖ
ಪುತ್ತೂರು ದಿನೇಶ್ ಗುಂಡೂರಾವ್ ಅವರ ನೇತೃತ್ವದಲ್ಲಿ ನಡೆದ ಸಭೆಯಲ್ಲಿ ಗ್ರಾಮೀಣ ಭಾಗದ ಯುವಕರು ಕೃಷಿಯಿಂದ ವಿಮುಖರಾಗುತ್ತಿರುವ ಬಗ್ಗೆ ಚರ್ಚಿಸಲಾಯಿತು. ಕೃಷಿ ಲಾಭದಾಯಕವಾಗದ ಕಾರಣ ಯುವಕರು ನಗರಗಳತ್ತ ವಲಸೆ ಹೋಗುತ್ತಿದ್ದಾರೆ ಎಂದು ಅಭಿಪ್ರಾಯಪಡಲಾಯಿತು.
70 ಸಾವಿರ ಸರ್ಕಾರಿ ಹುದ್ದೆ ಭರ್ತಿ ಶೀಘ್ರ
ಪುತ್ತೂರು ರಾಜ್ಯದ ವಿವಿಧ ಇಲಾಖೆಗಳಲ್ಲಿ ಖಾಲಿ ಇರುವ 70 ಸಾವಿರ ಹುದ್ದೆಗಳನ್ನು ಶೀಘ್ರದಲ್ಲೇ ಭರ್ತಿ ಮಾಡಲಾಗುವುದು ಎಂದು ಸರ್ಕಾರ ತಿಳಿಸಿದೆ. ಪೊಲೀಸ್ ಇಲಾಖೆಯಲ್ಲಿ 545 ಪಿಎಸ್‌ಐ ಹುದ್ದೆಗಳ ನೇಮಕಾತಿ ಪ್ರಕ್ರಿಯೆ ಅಂತಿಮ ಹಂತದಲ್ಲಿದೆ. ಶಿಕ್ಷಣ ಇಲಾಖೆಯಲ್ಲಿ 600 ಶಿಕ್ಷಕರ ಹುದ್ದೆ ಭರ್ತಿಗೆ ಅನುಮತಿ ನೀಡಲಾಗಿದೆ. ಆರೋಗ್ಯ ಇಲಾಖೆಯಲ್ಲಿ ವೈದ್ಯರು ಹಾಗೂ ಶುಶ್ರೂಷಕರ ನೇಮಕಾತಿ ಪ್ರಕ್ರಿಯೆ ಆರಂಭವಾಗಿದೆ. ಪಾರದರ್ಶಕ ನೇಮಕಾತಿಗಾಗಿ ಎಲ್ಲ ಪರೀಕ್ಷೆಗಳನ್ನು ಆನ್‌ಲೈನ್ ಮೂಲಕ ನಡೆಸಲಾಗುವುದು. ಶೇ.95ರಷ್ಟು ಸ್ಥಳೀಯರಿಗೆ ಆದ್ಯತೆ ನೀಡಲಾಗುವುದು ಎಂದು ತಿಳಿಸಲಾಗಿದೆ. ನಿರುದ್ಯೋಗ ಸಮಸ್ಯೆ ನಿವಾರಣೆಗೆ ಸರ್ಕಾರ ಬದ್ಧವಾಗಿದೆ ಎಂದು ಸಚಿವರು ಹೇಳಿದರು.
6 ನಿಮಿಷದಲ್ಲಿ ಘಟನಾ ಸ್ಥಳಕ್ಕೆ 112 ಸಿಬ್ಬಂದಿ
ಪುತ್ತೂರು ಬೆಂಗಳೂರು ನಗರದಲ್ಲಿ 112 ಸಹಾಯವಾಣಿಗೆ ಬಂದ ದೂರುಗಳಿಗೆ ಸರಾಸರಿ 6.59 ನಿಮಿಷದಲ್ಲಿ ಸ್ಪಂದಿಸಲಾಗುತ್ತಿದೆ. ಗ್ರಾಮೀಣ ಭಾಗದಲ್ಲಿ 13.58 ನಿಮಿಷದಲ್ಲಿ ಘಟನಾ ಸ್ಥಳಕ್ಕೆ ಸಿಬ್ಬಂದಿ ತಲುಪುತ್ತಿದ್ದಾರೆ ಎಂದು ಗೃಹ ಸಚಿವ ಡಾ.ಜಿ.ಪರಮೇಶ್ವರ ತಿಳಿಸಿದರು.
9 ಸಾವಿರ ಎಐ ಕ್ಯಾಮೆರಾ
ಬೆಂಗಳೂರು ನಗರದಲ್ಲಿ 160 ಪ್ರಮುಖ ಜಂಕ್ಷನ್‌ಗಳಲ್ಲಿ 9 ಸಾವಿರ ಎಐ ಆಧಾರಿತ ಕ್ಯಾಮೆರಾಗಳನ್ನು ಅಳವಡಿಸಲಾಗಿದೆ. ಸಂಚಾರ ನಿಯಮ ಉಲ್ಲಂಘನೆ ಪತ್ತೆ ಹಚ್ಚಲು ಮತ್ತು ಅಪರಾಧ ತಡೆಗಟ್ಟಲು ಇವು ನೆರವಾಗಲಿವೆ.
ಸರ್ಕಾರದ ಸಮರ್ಪಣಾ ಸಮಾವೇಶ ಇಂದು
ಹಾಸನ ನಗರದ ಹೊರವಲಯದ ವಿಶಾಲ ಮೈದಾನದಲ್ಲಿ ಸರ್ಕಾರದ ಸಮರ್ಪಣಾ ಸಮಾವೇಶ ಇಂದು ನಡೆಯಲಿದ್ದು, ಮುಖ್ಯಮಂತ್ರಿ ಸಿದ್ದರಾಮಯ್ಯ, ಉಪಮುಖ್ಯಮಂತ್ರಿ ಡಿ.ಕೆ.ಶಿವಕುಮಾರ್ ಭಾಗವಹಿಸಲಿದ್ದಾರೆ. ಜಿಲ್ಲೆಯಲ್ಲಿ 11,300 ಕೋಟಿ ರೂ. ವೆಚ್ಚದ ಅಭಿವೃದ್ಧಿ ಕಾಮಗಾರಿಗಳಿಗೆ ಚಾಲನೆ ನೀಡಲಾಗುತ್ತದೆ. 13,220 ಕೋಟಿ ರೂ. ಮೊತ್ತದ 21 ಕಾಮಗಾರಿಗಳ ಉದ್ಘಾಟನೆ ಹಾಗೂ 16,619 ಕೋಟಿ ರೂ. ವೆಚ್ಚದ ಯೋಜನೆಗಳಿಗೆ ಶಂಕುಸ್ಥಾಪನೆ ನೆರವೇರಲಿದೆ. ಸುಮಾರು 76,273 ಫಲಾನುಭವಿಗಳಿಗೆ ಸೌಲಭ್ಯ ವಿತರಣೆ ಮಾಡಲಾಗುವುದು. ಸಮಾವೇಶಕ್ಕೆ ಸಕಲ ಸಿದ್ಧತೆ ಮಾಡಿಕೊಳ್ಳಲಾಗಿದೆ ಎಂದು ಜಿಲ್ಲಾ ಉಸ್ತುವಾರಿ ಸಚಿವರು ತಿಳಿಸಿದರು.
ನಗರದ ಹೊರವಲಯದ ವಿಶಾಲ ಮೈದಾನದಲ್ಲಿ ಸರ್ಕಾರದ ಸಮರ್ಪಣಾ ಸಮಾವೇಶ ಇಂದು ನಡೆಯಲಿದ್ದು, ಮುಖ್ಯಮಂತ್ರಿ ಸಿದ್ದರಾಮಯ್ಯ, ಉಪಮುಖ್ಯಮಂತ್ರಿ ಡಿ.ಕೆ.ಶಿವಕುಮಾರ್ ಭಾಗವಹಿಸಲಿದ್ದಾರೆ. ಜಿಲ್ಲೆಯಲ್ಲಿ 11,300 ಕೋಟಿ ರೂ. ವೆಚ್ಚದ ಅಭಿವೃದ್ಧಿ ಕಾಮಗಾರಿಗಳಿಗೆ ಚಾಲನೆ ನೀಡಲಾಗುತ್ತದೆ. 13,220 ಕೋಟಿ ರೂ. ಮೊತ್ತದ 21 ಕಾಮಗಾರಿಗಳ ಉದ್ಘಾಟನೆ ಹಾಗೂ 16,619 ಕೋಟಿ ರೂ. ವೆಚ್ಚದ ಯೋಜನೆಗಳಿಗೆ ಶಂಕುಸ್ಥಾಪನೆ ನೆರವೇರಲಿದೆ. ಸುಮಾರು 76,273 ಫಲಾನುಭವಿಗಳಿಗೆ ಸೌಲಭ್ಯ ವಿತರಣೆ ಮಾಡಲಾಗುವುದು. ಸಮಾವೇಶಕ್ಕೆ ಸಕಲ ಸಿದ್ಧತೆ ಮಾಡಿಕೊಳ್ಳಲಾಗಿದೆ ಎಂದು ಜಿಲ್ಲಾ ಉಸ್ತುವಾರಿ ಸಚಿವರು ತಿಳಿಸಿದರು.
